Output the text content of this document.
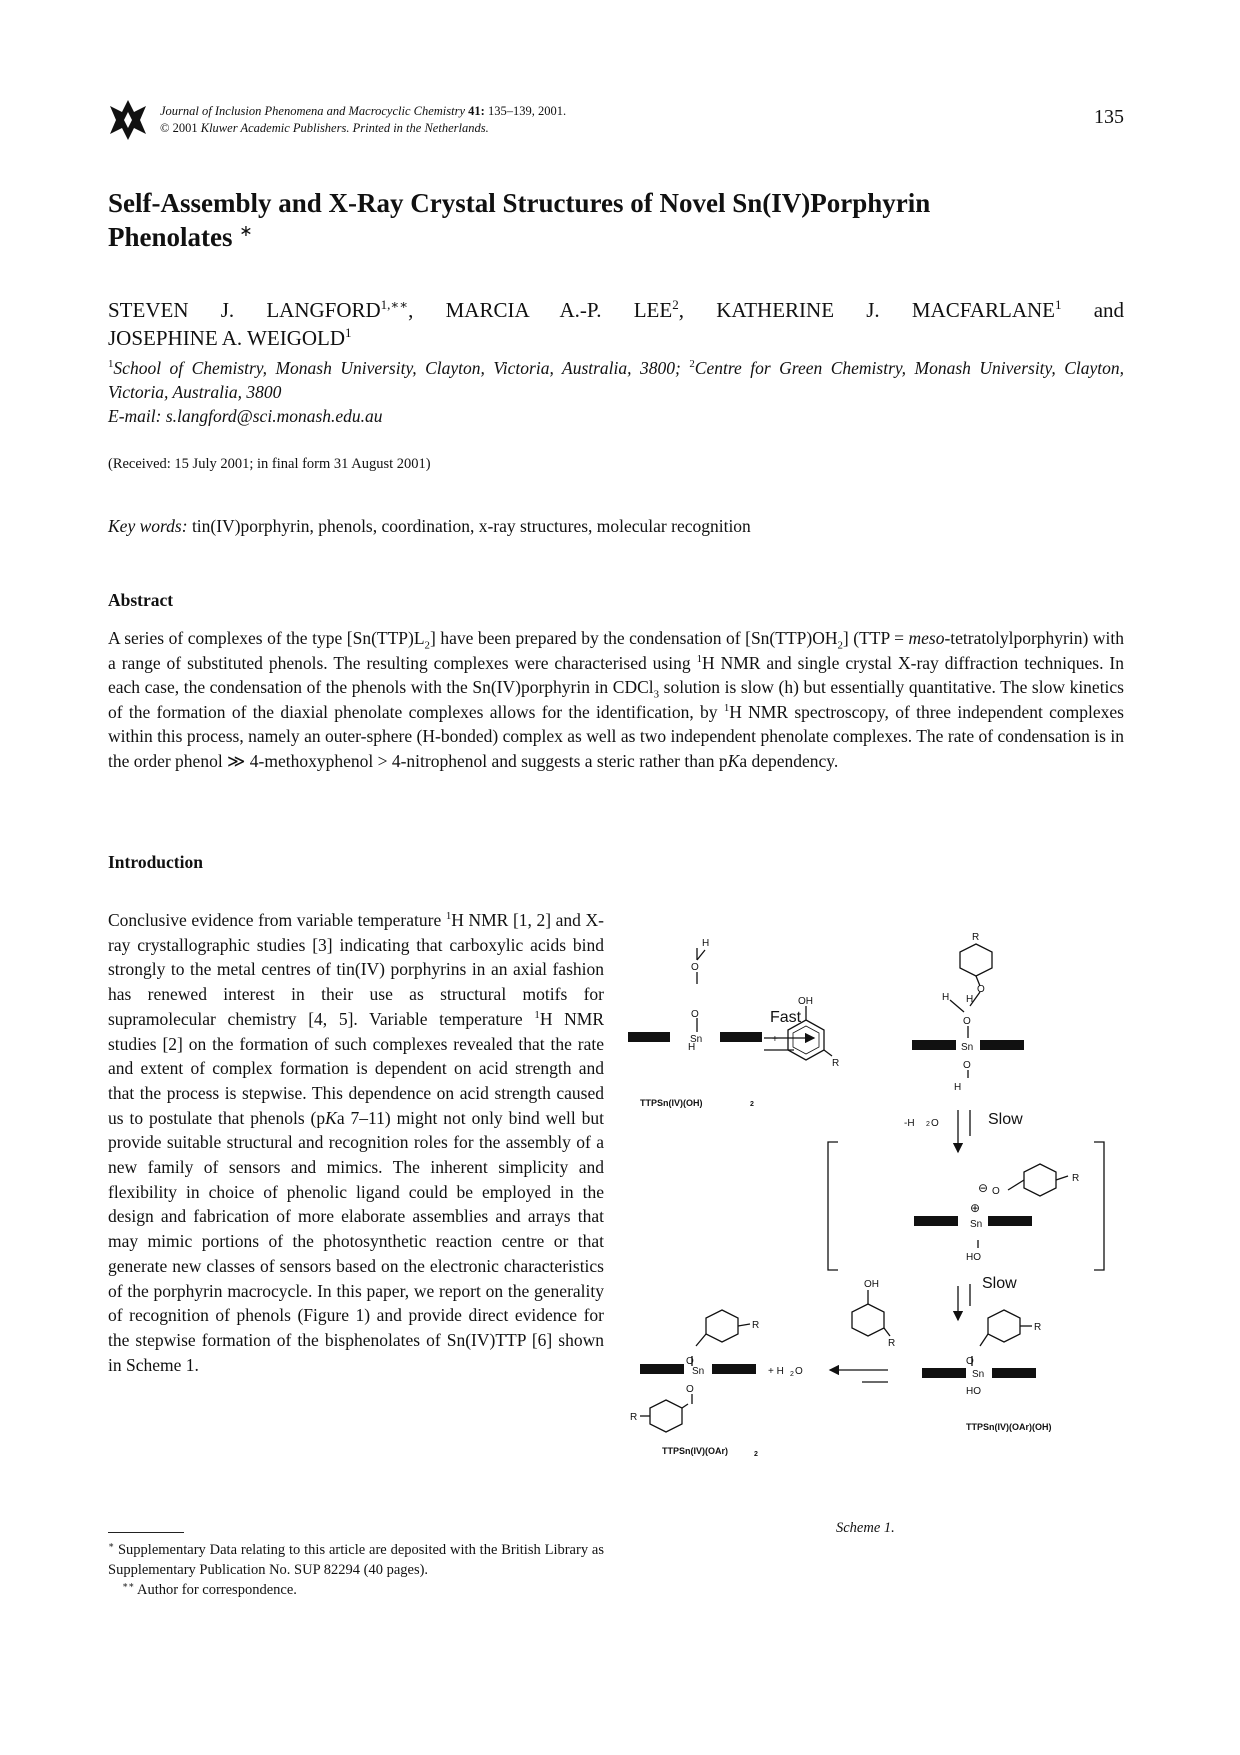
Journal of Inclusion Phenomena and Macrocyclic Chemistry 41: 135–139, 2001.
© 2001 Kluwer Academic Publishers. Printed in the Netherlands.	135
Self-Assembly and X-Ray Crystal Structures of Novel Sn(IV)Porphyrin
Phenolates ∗
STEVEN J. $LANGFORD^{1,∗∗}$, MARCIA A.-P. LEE$^2$, KATHERINE J. MACFARLANE$^1$ and
JOSEPHINE A. WEIGOLD$^1$
$^1$School of Chemistry, Monash University, Clayton, Victoria, Australia, 3800; $^2$Centre for Green Chemistry, Monash University, Clayton, Victoria, Australia, 3800
E-mail: s.langford@sci.monash.edu.au
(Received: 15 July 2001; in final form 31 August 2001)
Key words: tin(IV)porphyrin, phenols, coordination, x-ray structures, molecular recognition
Abstract
A series of complexes of the type $[Sn(TTP)L_2]$ have been prepared by the condensation of $[Sn(TTP)OH_2] (TTP$ = meso-tetratolylporphyrin) with a range of substituted phenols. The resulting complexes were characterised using $^1$H NMR and single crystal X-ray diffraction techniques. In each case, the condensation of the phenols with the Sn(IV)porphyrin in CDCl$_3$ solution is slow (h) but essentially quantitative. The slow kinetics of the formation of the diaxial phenolate complexes allows for the identification, by $^1$H NMR spectroscopy, of three independent complexes within this process, namely an outer-sphere (H-bonded) complex as well as two independent phenolate complexes. The rate of condensation is in the order phenol ≫ 4-methoxyphenol > 4-nitrophenol and suggests a steric rather than pKa dependency.
Introduction
Conclusive evidence from variable temperature $^1$H NMR [1, 2] and X-ray crystallographic studies [3] indicating that carboxylic acids bind strongly to the metal centres of tin(IV) porphyrins in an axial fashion has renewed interest in their use as structural motifs for supramolecular chemistry [4, 5]. Variable temperature $^1$H NMR studies [2] on the formation of such complexes revealed that the rate and extent of complex formation is dependent on acid strength and that the process is stepwise. This dependence on acid strength caused us to postulate that phenols (pKa 7–11) might not only bind well but provide suitable structural and recognition roles for the assembly of a new family of sensors and mimics. The inherent simplicity and flexibility in choice of phenolic ligand could be employed in the design and fabrication of more elaborate assemblies and arrays that may mimic portions of the photosynthetic reaction centre or that generate new classes of sensors based on the electronic characteristics of the porphyrin macrocycle. In this paper, we report on the generality of recognition of phenols (Figure 1) and provide direct evidence for the stepwise formation of the bisphenolates of Sn(IV)TTP [6] shown in Scheme 1.
∗ Supplementary Data relating to this article are deposited with the British Library as Supplementary Publication No. SUP 82294 (40 pages).
∗∗ Author for correspondence.
H
O
Sn
O
+
OH
R
R
O
H
H
O
Sn
O
H
H
TTPSn(IV)(OH)
-H 2 O
R
O
⊖
⊕
Sn
HO
OH
R
R
O
Sn
HO
R
O
Sn
O
R
+ H 2 O
TTPSn(IV)(OAr)(OH)
TTPSn(IV)(OAr)
2
2
Fast
Slow
Slow
Scheme 1.
